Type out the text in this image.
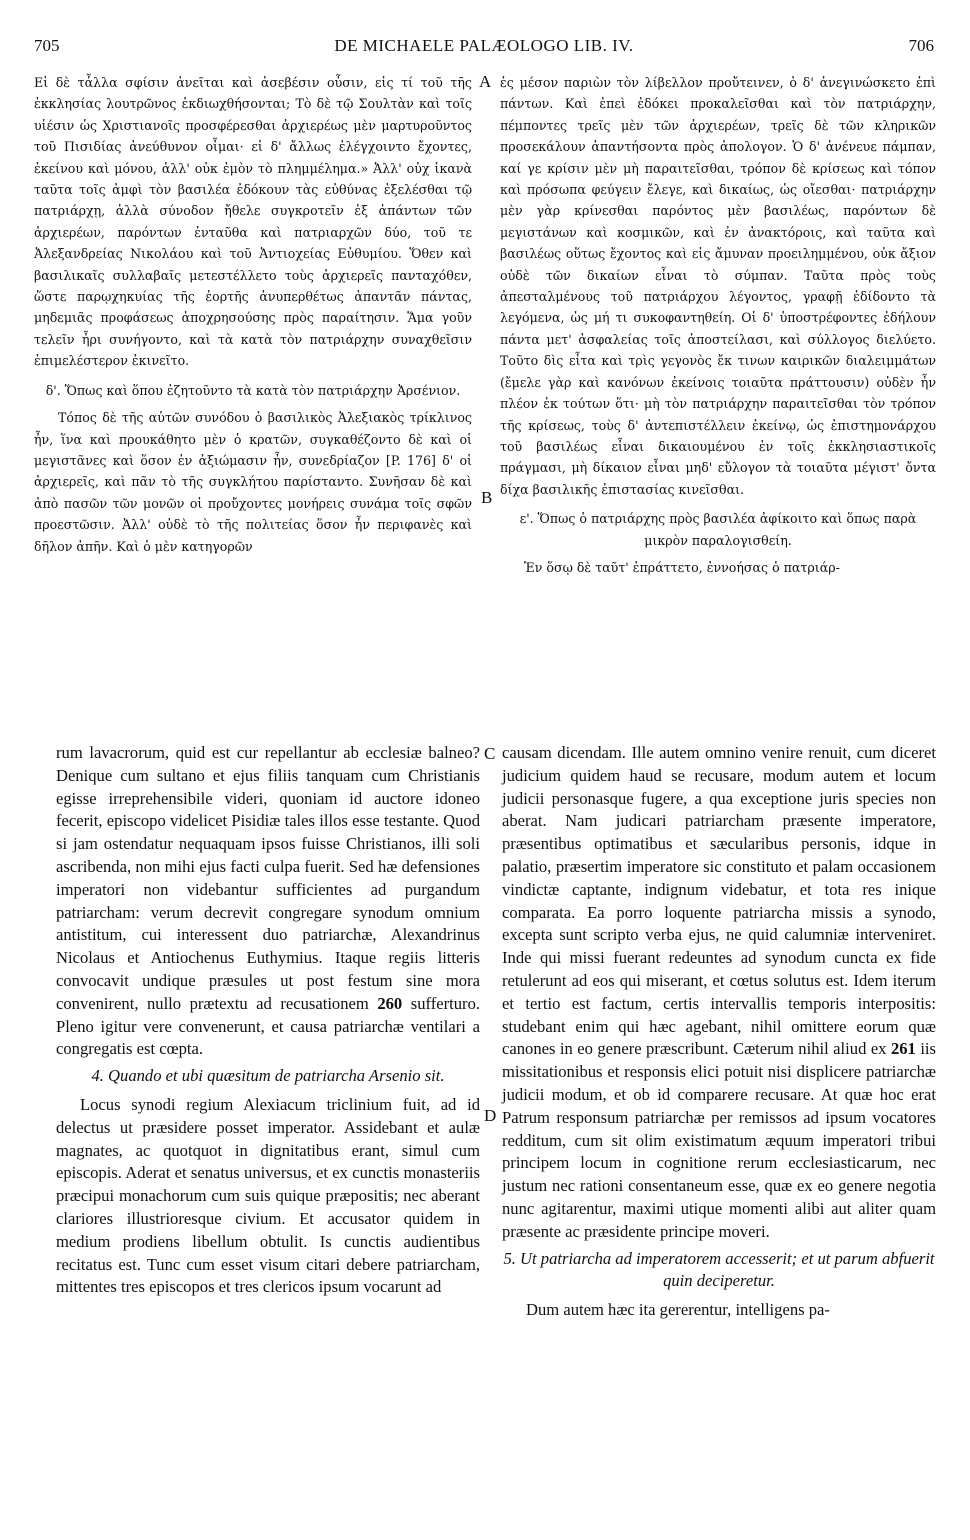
705	DE MICHAELE PALÆOLOGO LIB. IV.	706
A
B
C
D

Εἰ δὲ τἆλλα σφίσιν ἀνεῖται καὶ ἀσεβέσιν οὖσιν, εἰς τί τοῦ τῆς ἐκκλησίας λουτρῶνος ἐκδιωχθήσονται; Τὸ δὲ τῷ Σουλτὰν καὶ τοῖς υἱέσιν ὡς Χριστιανοῖς προσφέρεσθαι ἀρχιερέως μὲν μαρτυροῦντος τοῦ Πισιδίας ἀνεύθυνον οἶμαι· εἰ δ' ἄλλως ἐλέγχοιντο ἔχοντες, ἐκείνου καὶ μόνου, ἀλλ' οὐκ ἐμὸν τὸ πλημμέλημα.» Ἀλλ' οὐχ ἱκανὰ ταῦτα τοῖς ἀμφὶ τὸν βασιλέα ἐδόκουν τὰς εὐθύνας ἐξελέσθαι τῷ πατριάρχῃ, ἀλλὰ σύνοδον ἤθελε συγκροτεῖν ἐξ ἁπάντων τῶν ἀρχιερέων, παρόντων ἐνταῦθα καὶ πατριαρχῶν δύο, τοῦ τε Ἀλεξανδρείας Νικολάου καὶ τοῦ Ἀντιοχείας Εὐθυμίου. Ὅθεν καὶ βασιλικαῖς συλλαβαῖς μετεστέλλετο τοὺς ἀρχιερεῖς πανταχόθεν, ὥστε παρῳχηκυίας τῆς ἑορτῆς ἀνυπερθέτως ἀπαντᾶν πάντας, μηδεμιᾶς προφάσεως ἀποχρησούσης πρὸς παραίτησιν. Ἅμα γοῦν τελεῖν ἦρι συνήγοντο, καὶ τὰ κατὰ τὸν πατριάρχην συναχθεῖσιν ἐπιμελέστερον ἐκινεῖτο.

δ'. Ὅπως καὶ ὅπου ἐζητοῦντο τὰ κατὰ τὸν πατριάρχην Ἀρσένιον.

Τόπος δὲ τῆς αὐτῶν συνόδου ὁ βασιλικὸς Ἀλεξιακὸς τρίκλινος ἦν, ἵνα καὶ προυκάθητο μὲν ὁ κρατῶν, συγκαθέζοντο δὲ καὶ οἱ μεγιστᾶνες καὶ ὅσον ἐν ἀξιώμασιν ἦν, συνεδρίαζον [P. 176] δ' οἱ ἀρχιερεῖς, καὶ πᾶν τὸ τῆς συγκλήτου παρίσταντο. Συνῆσαν δὲ καὶ ἀπὸ πασῶν τῶν μονῶν οἱ προὔχοντες μονήρεις συνάμα τοῖς σφῶν προεστῶσιν. Ἀλλ' οὐδὲ τὸ τῆς πολιτείας ὅσον ἦν περιφανὲς καὶ δῆλον ἀπῆν. Καὶ ὁ μὲν κατηγορῶν

ἐς μέσον παριὼν τὸν λίβελλον προὔτεινεν, ὁ δ' ἀνεγινώσκετο ἐπὶ πάντων. Καὶ ἐπεὶ ἐδόκει προκαλεῖσθαι καὶ τὸν πατριάρχην, πέμποντες τρεῖς μὲν τῶν ἀρχιερέων, τρεῖς δὲ τῶν κληρικῶν προσεκάλουν ἀπαντήσοντα πρὸς ἀπολογον. Ὁ δ' ἀνένευε πάμπαν, καί γε κρίσιν μὲν μὴ παραιτεῖσθαι, τρόπον δὲ κρίσεως καὶ τόπον καὶ πρόσωπα φεύγειν ἔλεγε, καὶ δικαίως, ὡς οἴεσθαι· πατριάρχην μὲν γὰρ κρίνεσθαι παρόντος μὲν βασιλέως, παρόντων δὲ μεγιστάνων καὶ κοσμικῶν, καὶ ἐν ἀνακτόροις, καὶ ταῦτα καὶ βασιλέως οὕτως ἔχοντος καὶ εἰς ἄμυναν προειλημμένου, οὐκ ἄξιον οὐδὲ τῶν δικαίων εἶναι τὸ σύμπαν. Ταῦτα πρὸς τοὺς ἀπεσταλμένους τοῦ πατριάρχου λέγοντος, γραφῇ ἐδίδοντο τὰ λεγόμενα, ὡς μή τι συκοφαντηθείη. Οἱ δ' ὑποστρέφοντες ἐδήλουν πάντα μετ' ἀσφαλείας τοῖς ἀποστείλασι, καὶ σύλλογος διελύετο. Τοῦτο δὶς εἶτα καὶ τρὶς γεγονὸς ἔκ τινων καιρικῶν διαλειμμάτων (ἔμελε γὰρ καὶ κανόνων ἐκείνοις τοιαῦτα πράττουσιν) οὐδὲν ἦν πλέον ἐκ τούτων ὅτι· μὴ τὸν πατριάρχην παραιτεῖσθαι τὸν τρόπον τῆς κρίσεως, τοὺς δ' ἀντεπιστέλλειν ἐκείνῳ, ὡς ἐπιστημονάρχου τοῦ βασιλέως εἶναι δικαιουμένου ἐν τοῖς ἐκκλησιαστικοῖς πράγμασι, μὴ δίκαιον εἶναι μηδ' εὔλογον τὰ τοιαῦτα μέγιστ' ὄντα δίχα βασιλικῆς ἐπιστασίας κινεῖσθαι.

ε'. Ὅπως ὁ πατριάρχης πρὸς βασιλέα ἀφίκοιτο καὶ ὅπως παρὰ μικρὸν παραλογισθείη.

Ἐν ὅσῳ δὲ ταῦτ' ἐπράττετο, ἐννοήσας ὁ πατριάρ-

rum lavacrorum, quid est cur repellantur ab ecclesiæ balneo? Denique cum sultano et ejus filiis tanquam cum Christianis egisse irreprehensibile videri, quoniam id auctore idoneo fecerit, episcopo videlicet Pisidiæ tales illos esse testante. Quod si jam ostendatur nequaquam ipsos fuisse Christianos, illi soli ascribenda, non mihi ejus facti culpa fuerit. Sed hæ defensiones imperatori non videbantur sufficientes ad purgandum patriarcham: verum decrevit congregare synodum omnium antistitum, cui interessent duo patriarchæ, Alexandrinus Nicolaus et Antiochenus Euthymius. Itaque regiis litteris convocavit undique præsules ut post festum sine mora convenirent, nullo prætextu ad recusationem 260 sufferturo. Pleno igitur vere convenerunt, et causa patriarchæ ventilari a congregatis est cœpta.

4. Quando et ubi quæsitum de patriarcha Arsenio sit.

Locus synodi regium Alexiacum triclinium fuit, ad id delectus ut præsidere posset imperator. Assidebant et aulæ magnates, ac quotquot in dignitatibus erant, simul cum episcopis. Aderat et senatus universus, et ex cunctis monasteriis præcipui monachorum cum suis quique præpositis; nec aberant clariores illustrioresque civium. Et accusator quidem in medium prodiens libellum obtulit. Is cunctis audientibus recitatus est. Tunc cum esset visum citari debere patriarcham, mittentes tres episcopos et tres clericos ipsum vocarunt ad

causam dicendam. Ille autem omnino venire renuit, cum diceret judicium quidem haud se recusare, modum autem et locum judicii personasque fugere, a qua exceptione juris species non aberat. Nam judicari patriarcham præsente imperatore, præsentibus optimatibus et sæcularibus personis, idque in palatio, præsertim imperatore sic constituto et palam occasionem vindictæ captante, indignum videbatur, et tota res inique comparata. Ea porro loquente patriarcha missis a synodo, excepta sunt scripto verba ejus, ne quid calumniæ interveniret. Inde qui missi fuerant redeuntes ad synodum cuncta ex fide retulerunt ad eos qui miserant, et cœtus solutus est. Idem iterum et tertio est factum, certis intervallis temporis interpositis: studebant enim qui hæc agebant, nihil omittere eorum quæ canones in eo genere præscribunt. Cæterum nihil aliud ex 261 iis missitationibus et responsis elici potuit nisi displicere patriarchæ judicii modum, et ob id comparere recusare. At quæ hoc erat Patrum responsum patriarchæ per remissos ad ipsum vocatores redditum, cum sit olim existimatum æquum imperatori tribui principem locum in cognitione rerum ecclesiasticarum, nec justum nec rationi consentaneum esse, quæ ex eo genere negotia nunc agitarentur, maximi utique momenti alibi aut aliter quam præsente ac præsidente principe moveri.

5. Ut patriarcha ad imperatorem accesserit; et ut parum abfuerit quin deciperetur.

Dum autem hæc ita gererentur, intelligens pa-
